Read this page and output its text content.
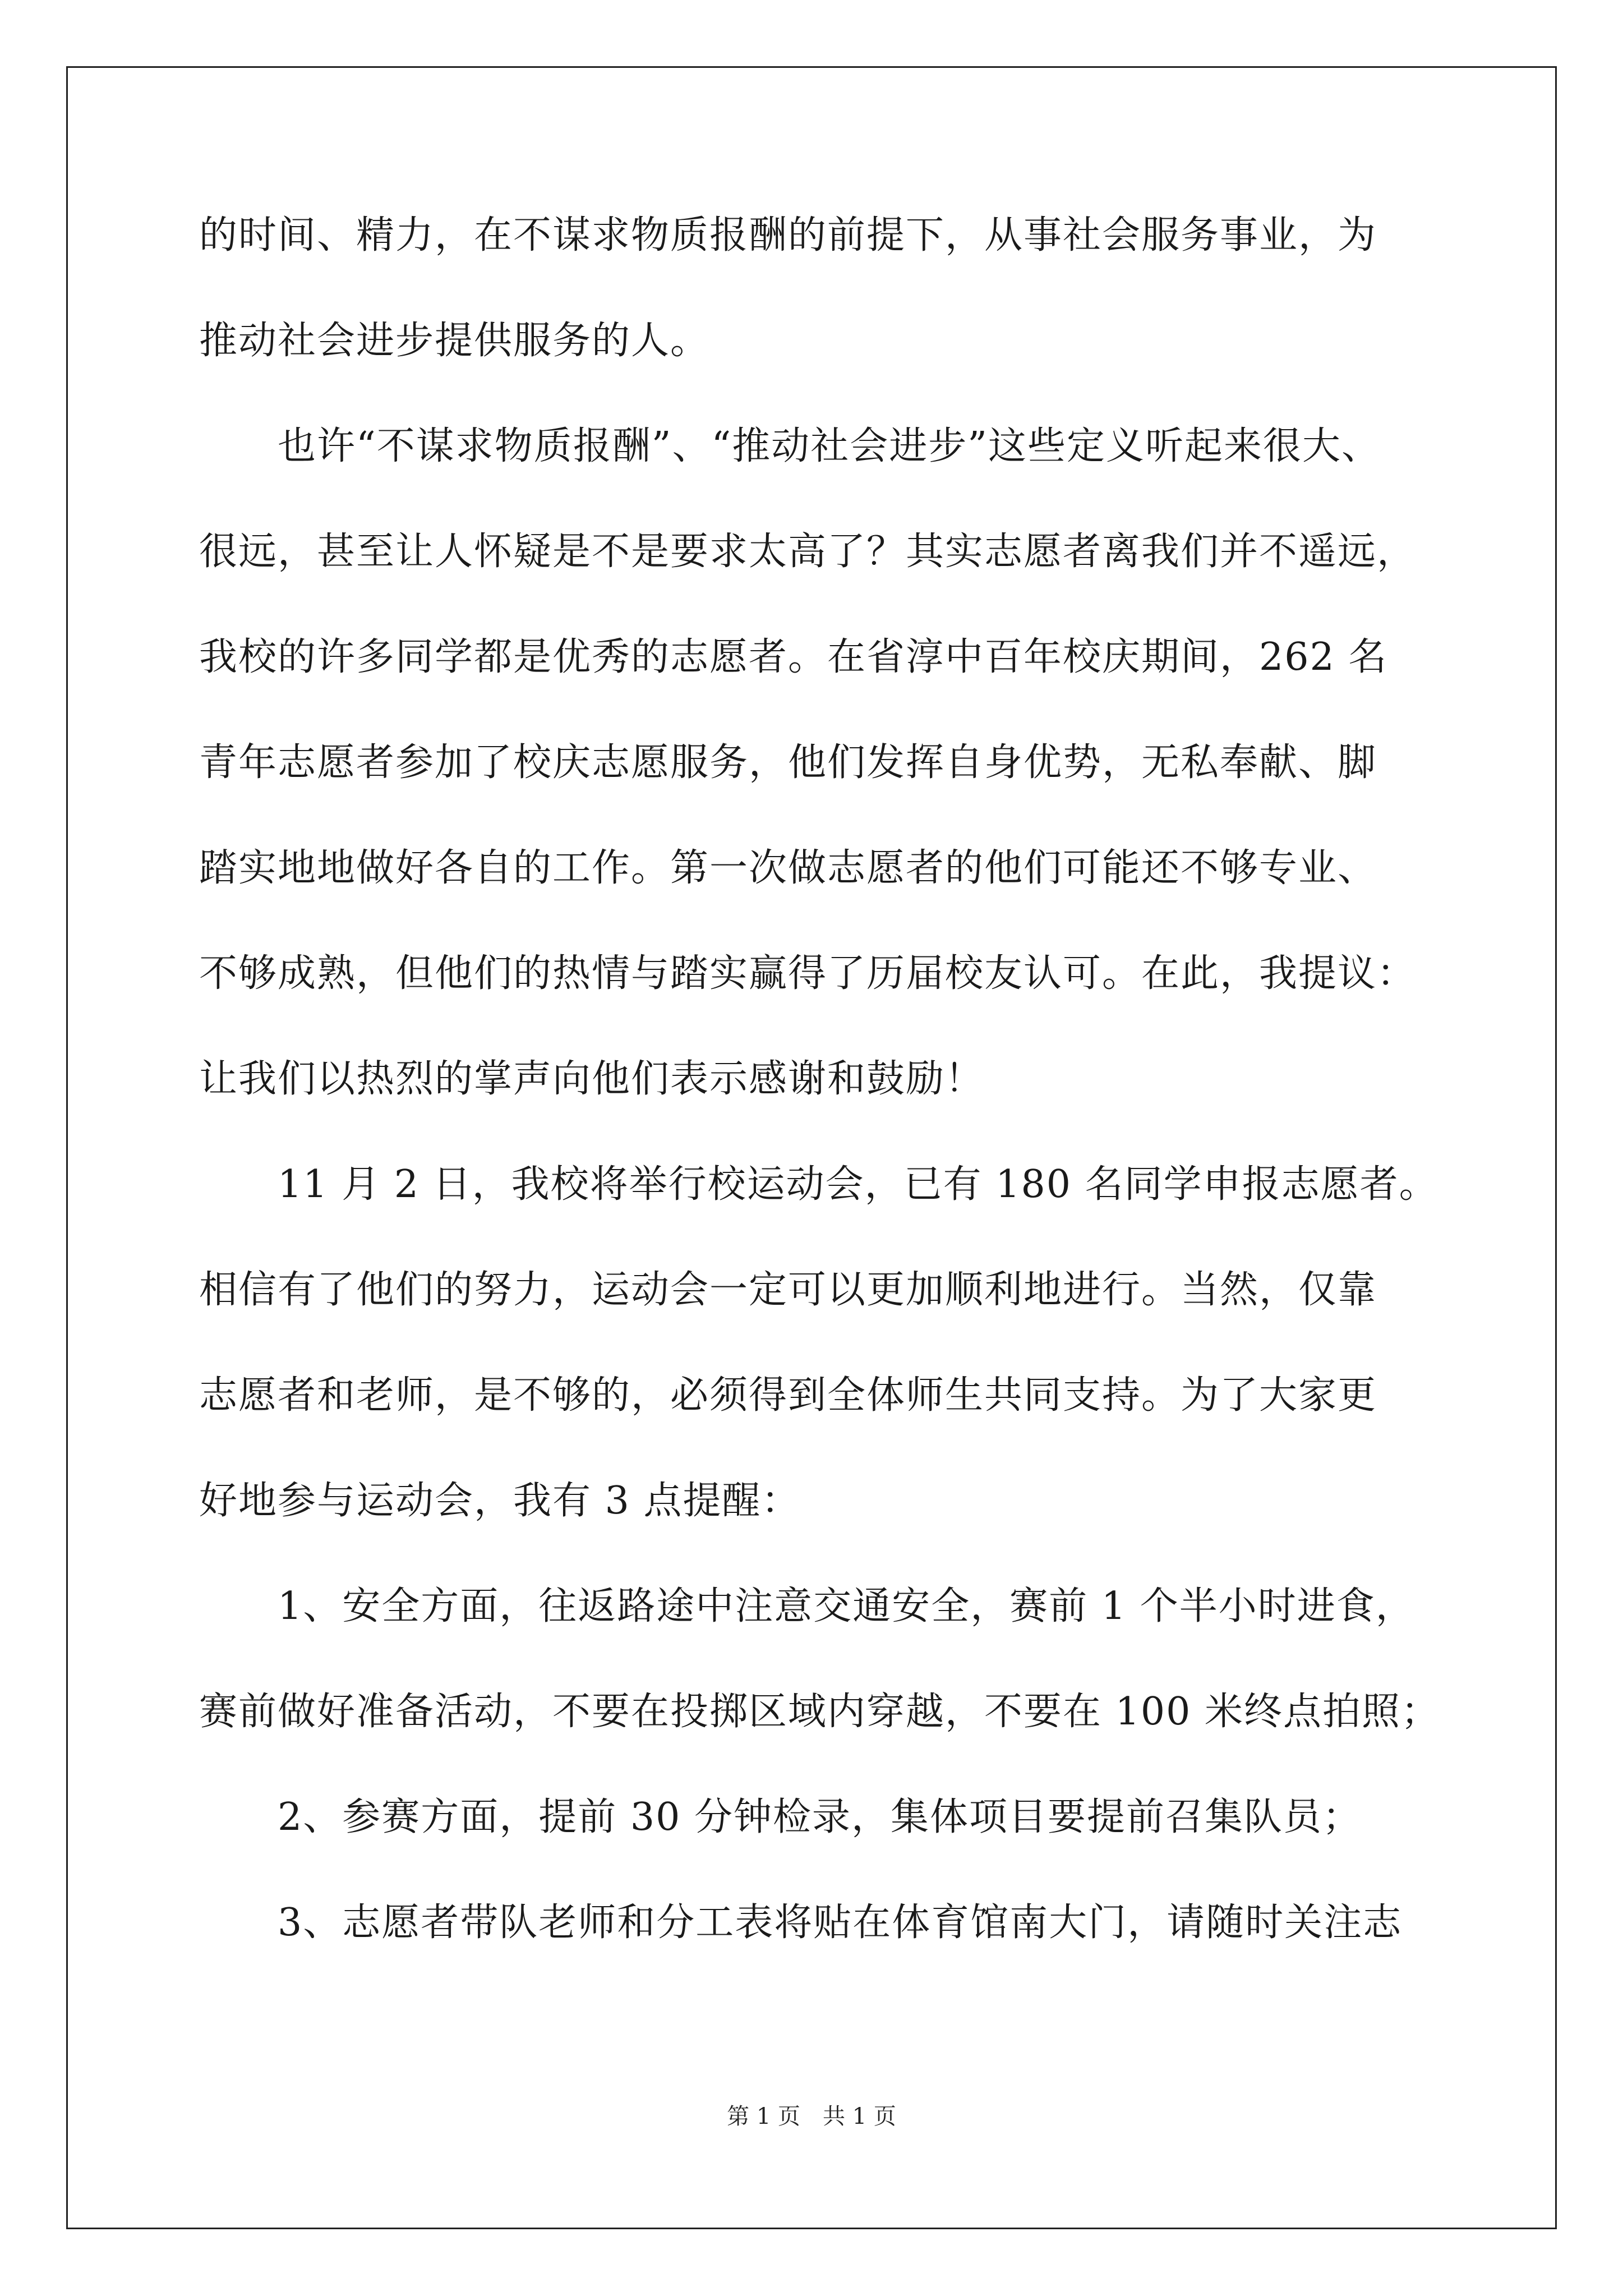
的时间、精力，在不谋求物质报酬的前提下，从事社会服务事业，为
推动社会进步提供服务的人。
也许“不谋求物质报酬”、“推动社会进步”这些定义听起来很大、
很远，甚至让人怀疑是不是要求太高了？其实志愿者离我们并不遥远，
我校的许多同学都是优秀的志愿者。在省淳中百年校庆期间，262 名
青年志愿者参加了校庆志愿服务，他们发挥自身优势，无私奉献、脚
踏实地地做好各自的工作。第一次做志愿者的他们可能还不够专业、
不够成熟，但他们的热情与踏实赢得了历届校友认可。在此，我提议：
让我们以热烈的掌声向他们表示感谢和鼓励！
11 月 2 日，我校将举行校运动会，已有 180 名同学申报志愿者。
相信有了他们的努力，运动会一定可以更加顺利地进行。当然，仅靠
志愿者和老师，是不够的，必须得到全体师生共同支持。为了大家更
好地参与运动会，我有 3 点提醒：
1、安全方面，往返路途中注意交通安全，赛前 1 个半小时进食，
赛前做好准备活动，不要在投掷区域内穿越，不要在 100 米终点拍照；
2、参赛方面，提前 30 分钟检录，集体项目要提前召集队员；
3、志愿者带队老师和分工表将贴在体育馆南大门，请随时关注志
第 1 页　共 1 页
